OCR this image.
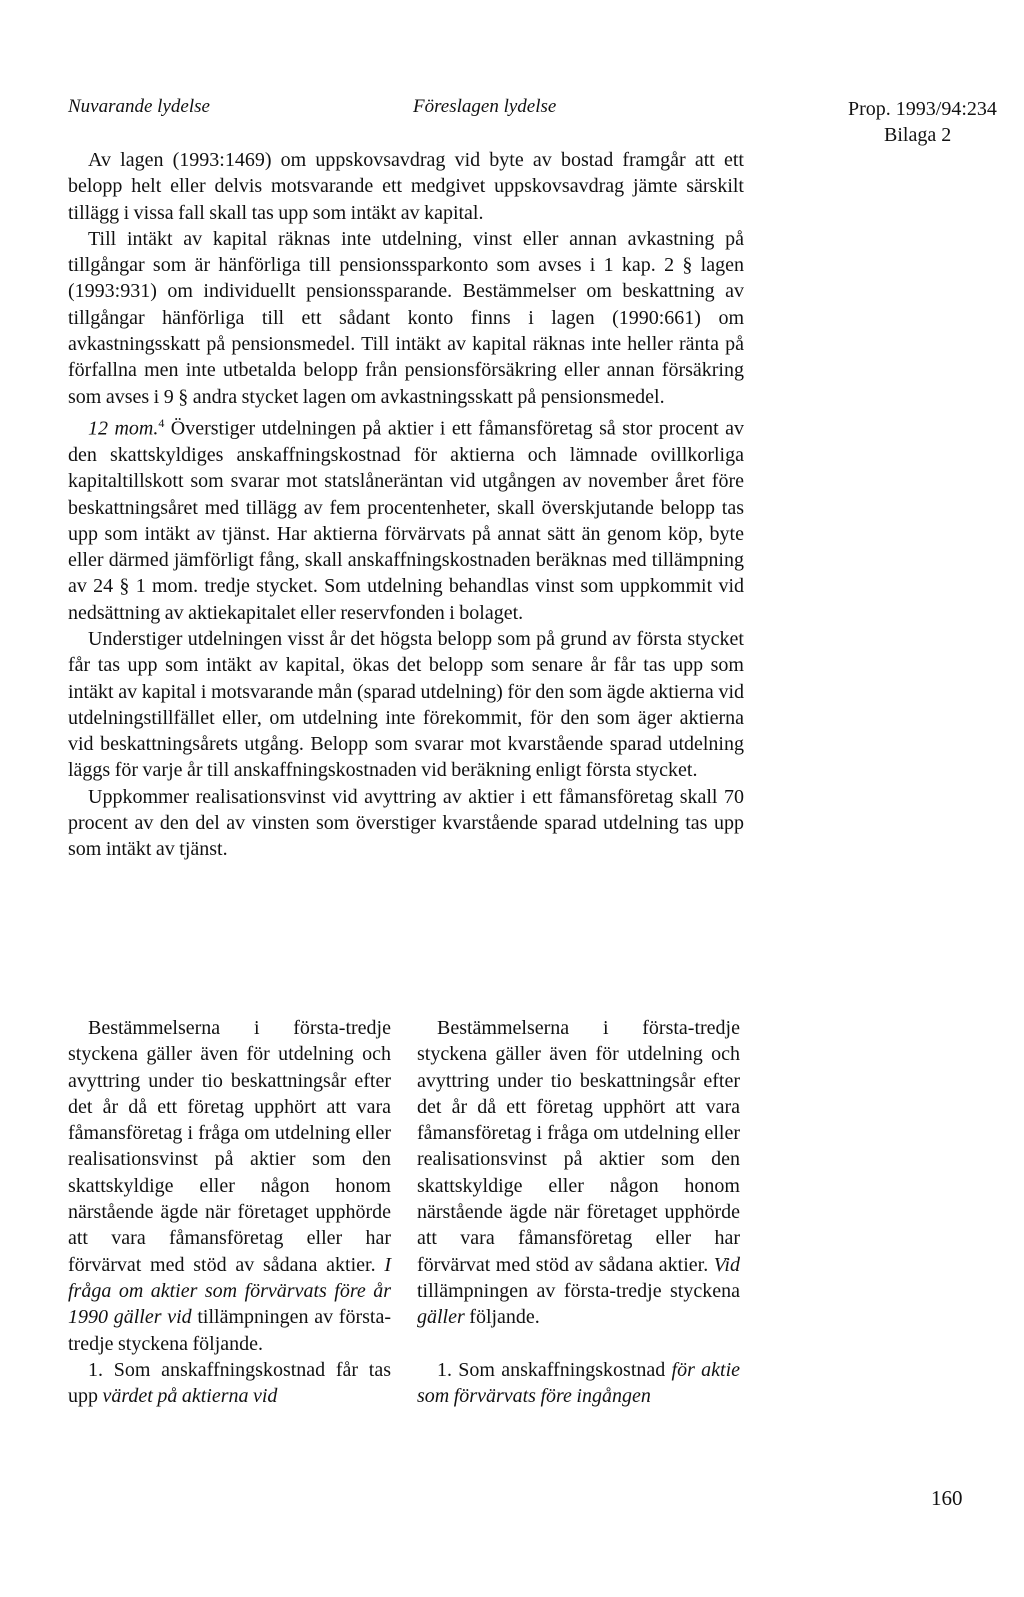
Nuvarande lydelse	Föreslagen lydelse	Prop. 1993/94:234
Bilaga 2

Av lagen (1993:1469) om uppskovsavdrag vid byte av bostad framgår att ett belopp helt eller delvis motsvarande ett medgivet uppskovsavdrag jämte särskilt tillägg i vissa fall skall tas upp som intäkt av kapital.

Till intäkt av kapital räknas inte utdelning, vinst eller annan avkastning på tillgångar som är hänförliga till pensionssparkonto som avses i 1 kap. 2 § lagen (1993:931) om individuellt pensionssparande. Bestämmelser om beskattning av tillgångar hänförliga till ett sådant konto finns i lagen (1990:661) om avkastningsskatt på pensionsmedel. Till intäkt av kapital räknas inte heller ränta på förfallna men inte utbetalda belopp från pensionsförsäkring eller annan försäkring som avses i 9 § andra stycket lagen om avkastningsskatt på pensionsmedel.

12 mom.$^4$ Överstiger utdelningen på aktier i ett fåmansföretag så stor procent av den skattskyldiges anskaffningskostnad för aktierna och lämnade ovillkorliga kapitaltillskott som svarar mot statslåneräntan vid utgången av november året före beskattningsåret med tillägg av fem procentenheter, skall överskjutande belopp tas upp som intäkt av tjänst. Har aktierna förvärvats på annat sätt än genom köp, byte eller därmed jämförligt fång, skall anskaffningskostnaden beräknas med tillämpning av 24 § 1 mom. tredje stycket. Som utdelning behandlas vinst som uppkommit vid nedsättning av aktiekapitalet eller reservfonden i bolaget.

Understiger utdelningen visst år det högsta belopp som på grund av första stycket får tas upp som intäkt av kapital, ökas det belopp som senare år får tas upp som intäkt av kapital i motsvarande mån (sparad utdelning) för den som ägde aktierna vid utdelningstillfället eller, om utdelning inte förekommit, för den som äger aktierna vid beskattningsårets utgång. Belopp som svarar mot kvarstående sparad utdelning läggs för varje år till anskaffningskostnaden vid beräkning enligt första stycket.

Uppkommer realisationsvinst vid avyttring av aktier i ett fåmansföretag skall 70 procent av den del av vinsten som överstiger kvarstående sparad utdelning tas upp som intäkt av tjänst.

Bestämmelserna i första-tredje styckena gäller även för utdelning och avyttring under tio beskattningsår efter det år då ett företag upphört att vara fåmansföretag i fråga om utdelning eller realisationsvinst på aktier som den skattskyldige eller någon honom närstående ägde när företaget upphörde att vara fåmansföretag eller har förvärvat med stöd av sådana aktier. I fråga om aktier som förvärvats före år 1990 gäller vid tillämpningen av första-tredje styckena följande.

1. Som anskaffningskostnad får tas upp värdet på aktierna vid

Bestämmelserna i första-tredje styckena gäller även för utdelning och avyttring under tio beskattningsår efter det år då ett företag upphört att vara fåmansföretag i fråga om utdelning eller realisationsvinst på aktier som den skattskyldige eller någon honom närstående ägde när företaget upphörde att vara fåmansföretag eller har förvärvat med stöd av sådana aktier. Vid tillämpningen av första-tredje styckena gäller följande.

1. Som anskaffningskostnad för aktie som förvärvats före ingången

160
